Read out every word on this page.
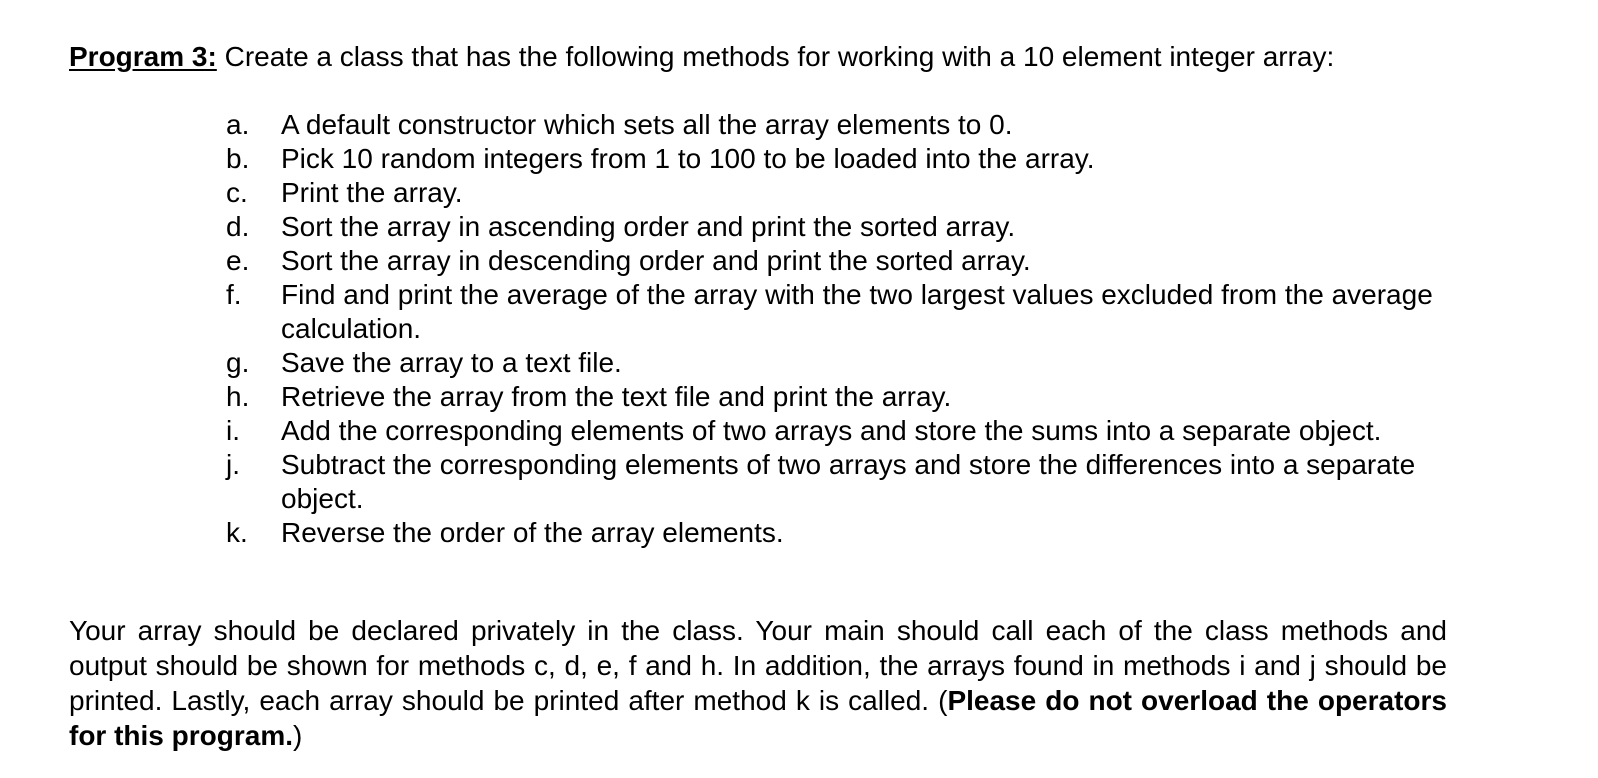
Program 3: Create a class that has the following methods for working with a 10 element integer array:
a.	A default constructor which sets all the array elements to 0.
b.	Pick 10 random integers from 1 to 100 to be loaded into the array.
c.	Print the array.
d.	Sort the array in ascending order and print the sorted array.
e.	Sort the array in descending order and print the sorted array.
f.	Find and print the average of the array with the two largest values excluded from the average calculation.
g.	Save the array to a text file.
h.	Retrieve the array from the text file and print the array.
i.	Add the corresponding elements of two arrays and store the sums into a separate object.
j.	Subtract the corresponding elements of two arrays and store the differences into a separate object.
k.	Reverse the order of the array elements.

Your array should be declared privately in the class. Your main should call each of the class methods and output should be shown for methods c, d, e, f and h. In addition, the arrays found in methods i and j should be printed. Lastly, each array should be printed after method k is called. (Please do not overload the operators for this program.)
